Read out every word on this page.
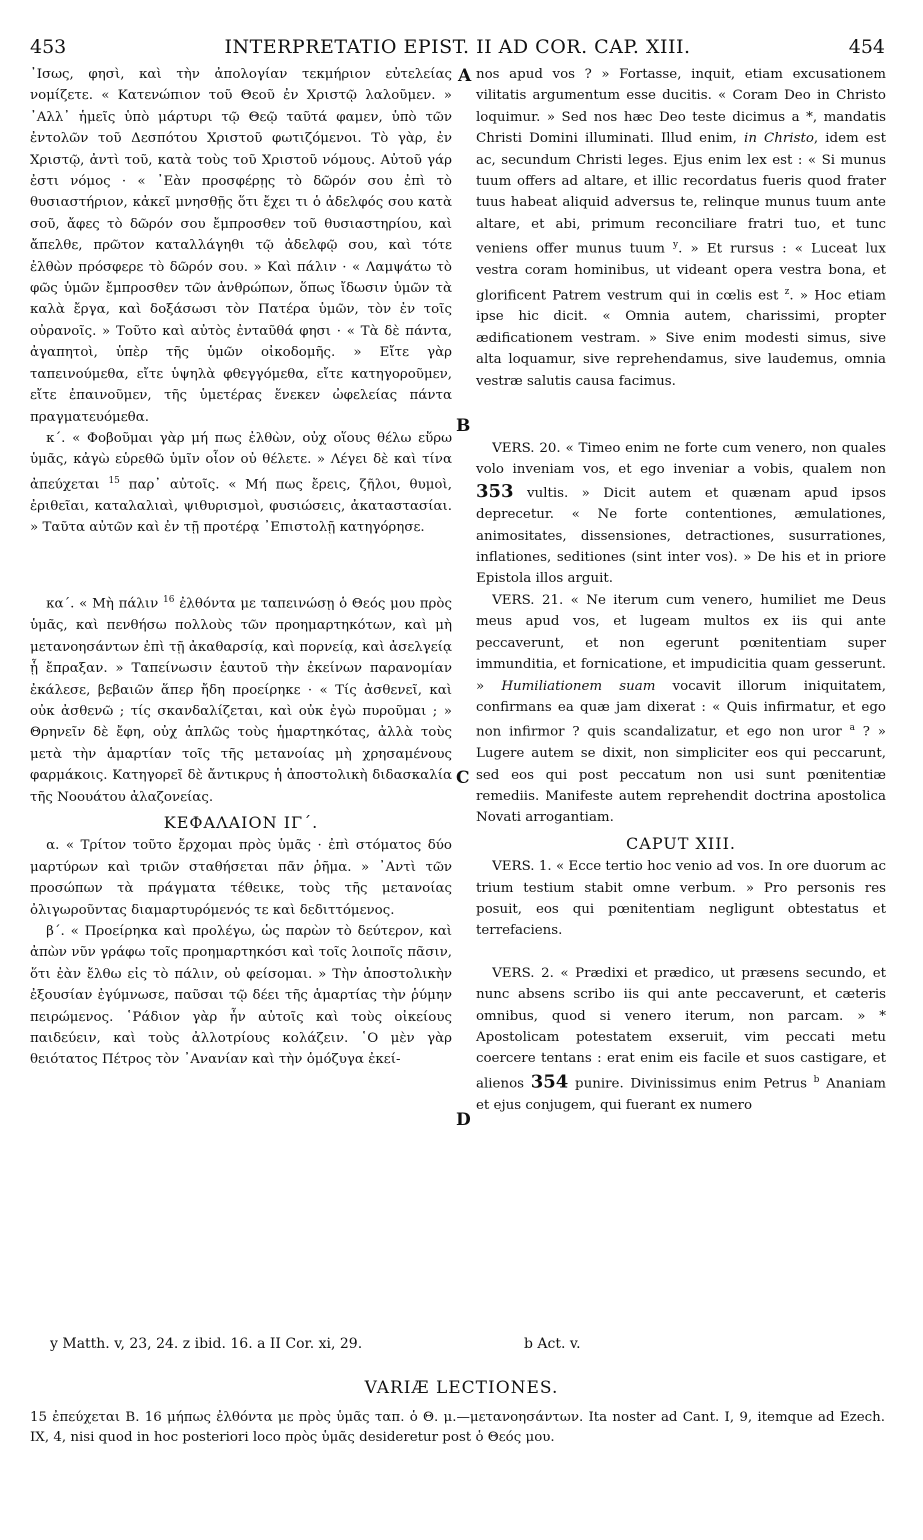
453	INTERPRETATIO EPIST. II AD COR. CAP. XIII.	454
A
B
C
D

᾿Ισως, φησὶ, καὶ τὴν ἀπολογίαν τεκμήριον εὐτελείας νομίζετε. « Κατενώπιον τοῦ Θεοῦ ἐν Χριστῷ λαλοῦμεν. » ᾽Αλλ᾽ ἡμεῖς ὑπὸ μάρτυρι τῷ Θεῷ ταῦτά φαμεν, ὑπὸ τῶν ἐντολῶν τοῦ Δεσπότου Χριστοῦ φωτιζόμενοι. Τὸ γὰρ, ἐν Χριστῷ, ἀντὶ τοῦ, κατὰ τοὺς τοῦ Χριστοῦ νόμους. Αὐτοῦ γάρ ἐστι νόμος · « ᾽Εὰν προσφέρῃς τὸ δῶρόν σου ἐπὶ τὸ θυσιαστήριον, κἀκεῖ μνησθῇς ὅτι ἔχει τι ὁ ἀδελφός σου κατὰ σοῦ, ἄφες τὸ δῶρόν σου ἔμπροσθεν τοῦ θυσιαστηρίου, καὶ ἄπελθε, πρῶτον καταλλάγηθι τῷ ἀδελφῷ σου, καὶ τότε ἐλθὼν πρόσφερε τὸ δῶρόν σου. » Καὶ πάλιν · « Λαμψάτω τὸ φῶς ὑμῶν ἔμπροσθεν τῶν ἀνθρώπων, ὅπως ἴδωσιν ὑμῶν τὰ καλὰ ἔργα, καὶ δοξάσωσι τὸν Πατέρα ὑμῶν, τὸν ἐν τοῖς οὐρανοῖς. » Τοῦτο καὶ αὐτὸς ἐνταῦθά φησι · « Τὰ δὲ πάντα, ἀγαπητοὶ, ὑπὲρ τῆς ὑμῶν οἰκοδομῆς. » Εἴτε γὰρ ταπεινούμεθα, εἴτε ὑψηλὰ φθεγγόμεθα, εἴτε κατηγοροῦμεν, εἴτε ἐπαινοῦμεν, τῆς ὑμετέρας ἕνεκεν ὠφελείας πάντα πραγματευόμεθα.

κ΄. « Φοβοῦμαι γὰρ μή πως ἐλθὼν, οὐχ οἵους θέλω εὕρω ὑμᾶς, κἀγὼ εὑρεθῶ ὑμῖν οἷον οὐ θέλετε. » Λέγει δὲ καὶ τίνα ἀπεύχεται $^{15}$ παρ᾽ αὐτοῖς. « Μή πως ἔρεις, ζῆλοι, θυμοὶ, ἐριθεῖαι, καταλαλιαὶ, ψιθυρισμοὶ, φυσιώσεις, ἀκαταστασίαι. » Ταῦτα αὐτῶν καὶ ἐν τῇ προτέρᾳ ᾽Επιστολῇ κατηγόρησε.

κα΄. « Μὴ πάλιν $^{16}$ ἐλθόντα με ταπεινώσῃ ὁ Θεός μου πρὸς ὑμᾶς, καὶ πενθήσω πολλοὺς τῶν προημαρτηκότων, καὶ μὴ μετανοησάντων ἐπὶ τῇ ἀκαθαρσίᾳ, καὶ πορνείᾳ, καὶ ἀσελγείᾳ ᾗ ἔπραξαν. » Ταπείνωσιν ἑαυτοῦ τὴν ἐκείνων παρανομίαν ἐκάλεσε, βεβαιῶν ἅπερ ἤδη προείρηκε · « Τίς ἀσθενεῖ, καὶ οὐκ ἀσθενῶ ; τίς σκανδαλίζεται, καὶ οὐκ ἐγὼ πυροῦμαι ; » Θρηνεῖν δὲ ἔφη, οὐχ ἁπλῶς τοὺς ἡμαρτηκότας, ἀλλὰ τοὺς μετὰ τὴν ἁμαρτίαν τοῖς τῆς μετανοίας μὴ χρησαμένους φαρμάκοις. Κατηγορεῖ δὲ ἄντικρυς ἡ ἀποστολικὴ διδασκαλία τῆς Νοουάτου ἀλαζονείας.

ΚΕΦΑΛΑΙΟΝ ΙΓ΄.

α. « Τρίτον τοῦτο ἔρχομαι πρὸς ὑμᾶς · ἐπὶ στόματος δύο μαρτύρων καὶ τριῶν σταθήσεται πᾶν ῥῆμα. » ᾽Αντὶ τῶν προσώπων τὰ πράγματα τέθεικε, τοὺς τῆς μετανοίας ὀλιγωροῦντας διαμαρτυρόμενός τε καὶ δεδιττόμενος.

β΄. « Προείρηκα καὶ προλέγω, ὡς παρὼν τὸ δεύτερον, καὶ ἀπὼν νῦν γράφω τοῖς προημαρτηκόσι καὶ τοῖς λοιποῖς πᾶσιν, ὅτι ἐὰν ἔλθω εἰς τὸ πάλιν, οὐ φείσομαι. » Τὴν ἀποστολικὴν ἐξουσίαν ἐγύμνωσε, παῦσαι τῷ δέει τῆς ἁμαρτίας τὴν ῥύμην πειρώμενος. ῾Ράδιον γὰρ ἦν αὐτοῖς καὶ τοὺς οἰκείους παιδεύειν, καὶ τοὺς ἀλλοτρίους κολάζειν. ῾Ο μὲν γὰρ θειότατος Πέτρος τὸν ᾽Ανανίαν καὶ τὴν ὁμόζυγα ἐκεί-

nos apud vos ? » Fortasse, inquit, etiam excusationem vilitatis argumentum esse ducitis. « Coram Deo in Christo loquimur. » Sed nos hæc Deo teste dicimus a *, mandatis Christi Domini illuminati. Illud enim, in Christo, idem est ac, secundum Christi leges. Ejus enim lex est : « Si munus tuum offers ad altare, et illic recordatus fueris quod frater tuus habeat aliquid adversus te, relinque munus tuum ante altare, et abi, primum reconciliare fratri tuo, et tunc veniens offer munus tuum $^y$. » Et rursus : « Luceat lux vestra coram hominibus, ut videant opera vestra bona, et glorificent Patrem vestrum qui in cœlis est $^z$. » Hoc etiam ipse hic dicit. « Omnia autem, charissimi, propter ædificationem vestram. » Sive enim modesti simus, sive alta loquamur, sive reprehendamus, sive laudemus, omnia vestræ salutis causa facimus.

VERS. 20. « Timeo enim ne forte cum venero, non quales volo inveniam vos, et ego inveniar a vobis, qualem non 353 vultis. » Dicit autem et quænam apud ipsos deprecetur. « Ne forte contentiones, æmulationes, animositates, dissensiones, detractiones, susurrationes, inflationes, seditiones (sint inter vos). » De his et in priore Epistola illos arguit.

VERS. 21. « Ne iterum cum venero, humiliet me Deus meus apud vos, et lugeam multos ex iis qui ante peccaverunt, et non egerunt pœnitentiam super immunditia, et fornicatione, et impudicitia quam gesserunt. » Humiliationem suam vocavit illorum iniquitatem, confirmans ea quæ jam dixerat : « Quis infirmatur, et ego non infirmor ? quis scandalizatur, et ego non uror $^a$ ? » Lugere autem se dixit, non simpliciter eos qui peccarunt, sed eos qui post peccatum non usi sunt pœnitentiæ remediis. Manifeste autem reprehendit doctrina apostolica Novati arrogantiam.

CAPUT XIII.

VERS. 1. « Ecce tertio hoc venio ad vos. In ore duorum ac trium testium stabit omne verbum. » Pro personis res posuit, eos qui pœnitentiam negligunt obtestatus et terrefaciens.

VERS. 2. « Prædixi et prædico, ut præsens secundo, et nunc absens scribo iis qui ante peccaverunt, et cæteris omnibus, quod si venero iterum, non parcam. » * Apostolicam potestatem exseruit, vim peccati metu coercere tentans : erat enim eis facile et suos castigare, et alienos 354 punire. Divinissimus enim Petrus $^b$ Ananiam et ejus conjugem, qui fuerant ex numero

y Matth. v, 23, 24. z ibid. 16. a II Cor. xi, 29.	b Act. v.
VARIÆ LECTIONES.
15 ἐπεύχεται B. 16 μήπως ἐλθόντα με πρὸς ὑμᾶς ταπ. ὁ Θ. μ.—μετανοησάντων. Ita noster ad Cant. I, 9, itemque ad Ezech. IX, 4, nisi quod in hoc posteriori loco πρὸς ὑμᾶς desideretur post ὁ Θεός μου.
